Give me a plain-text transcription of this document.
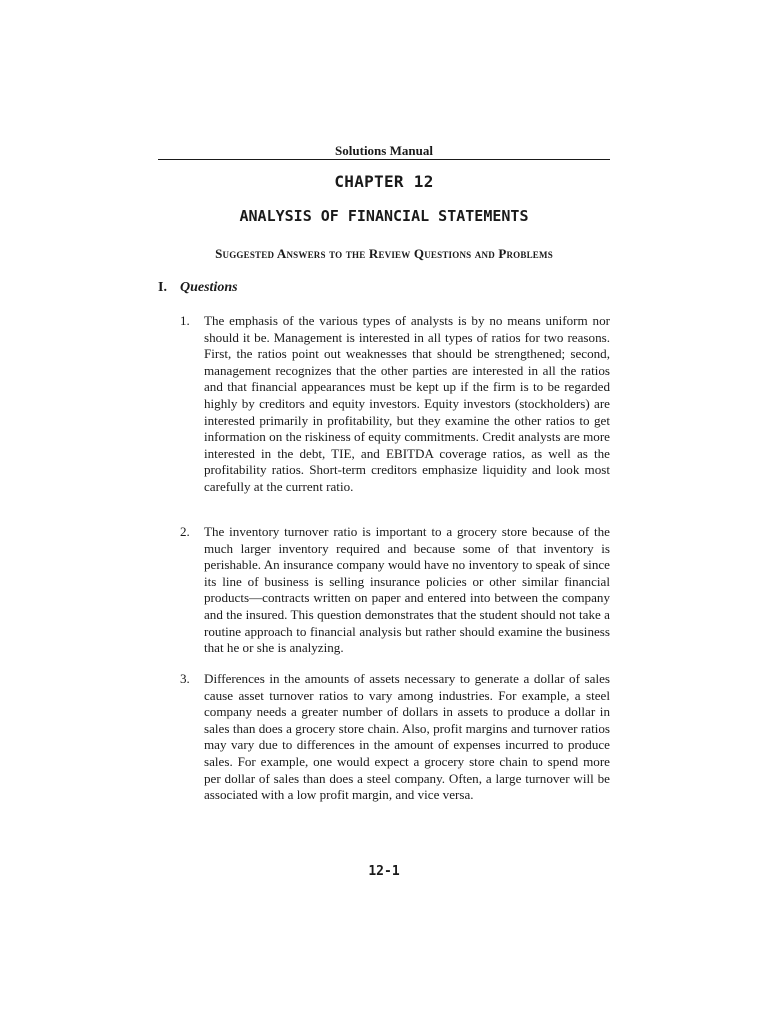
Solutions Manual
CHAPTER 12
ANALYSIS OF FINANCIAL STATEMENTS
Suggested Answers to the Review Questions and Problems
I. Questions
1.	The emphasis of the various types of analysts is by no means uniform nor should it be. Management is interested in all types of ratios for two reasons. First, the ratios point out weaknesses that should be strengthened; second, management recognizes that the other parties are interested in all the ratios and that financial appearances must be kept up if the firm is to be regarded highly by creditors and equity investors. Equity investors (stockholders) are interested primarily in profitability, but they examine the other ratios to get information on the riskiness of equity commitments. Credit analysts are more interested in the debt, TIE, and EBITDA coverage ratios, as well as the profitability ratios. Short-term creditors emphasize liquidity and look most carefully at the current ratio.
2.	The inventory turnover ratio is important to a grocery store because of the much larger inventory required and because some of that inventory is perishable. An insurance company would have no inventory to speak of since its line of business is selling insurance policies or other similar financial products—contracts written on paper and entered into between the company and the insured. This question demonstrates that the student should not take a routine approach to financial analysis but rather should examine the business that he or she is analyzing.
3.	Differences in the amounts of assets necessary to generate a dollar of sales cause asset turnover ratios to vary among industries. For example, a steel company needs a greater number of dollars in assets to produce a dollar in sales than does a grocery store chain. Also, profit margins and turnover ratios may vary due to differences in the amount of expenses incurred to produce sales. For example, one would expect a grocery store chain to spend more per dollar of sales than does a steel company. Often, a large turnover will be associated with a low profit margin, and vice versa.
12-1
